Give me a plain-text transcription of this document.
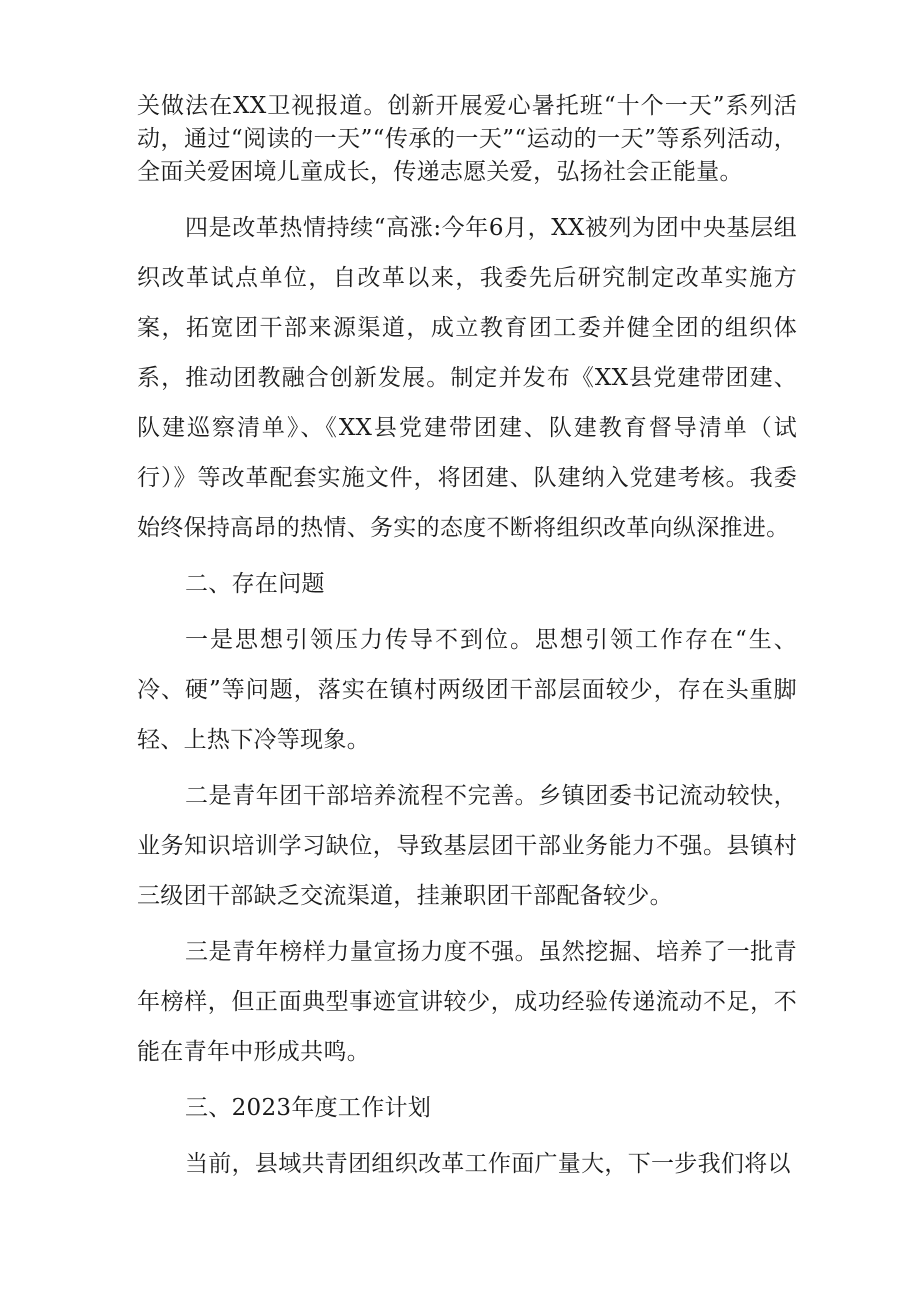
关做法在XX卫视报道。创新开展爱心暑托班“十个一天”系列活动，通过“阅读的一天”“传承的一天”“运动的一天”等系列活动，全面关爱困境儿童成长，传递志愿关爱，弘扬社会正能量。

四是改革热情持续“高涨:今年6月，XX被列为团中央基层组织改革试点单位，自改革以来，我委先后研究制定改革实施方案，拓宽团干部来源渠道，成立教育团工委并健全团的组织体系，推动团教融合创新发展。制定并发布《XX县党建带团建、队建巡察清单》、《XX县党建带团建、队建教育督导清单（试行）》等改革配套实施文件，将团建、队建纳入党建考核。我委始终保持高昂的热情、务实的态度不断将组织改革向纵深推进。

二、存在问题

一是思想引领压力传导不到位。思想引领工作存在“生、冷、硬”等问题，落实在镇村两级团干部层面较少，存在头重脚轻、上热下冷等现象。

二是青年团干部培养流程不完善。乡镇团委书记流动较快，业务知识培训学习缺位，导致基层团干部业务能力不强。县镇村三级团干部缺乏交流渠道，挂兼职团干部配备较少。

三是青年榜样力量宣扬力度不强。虽然挖掘、培养了一批青年榜样，但正面典型事迹宣讲较少，成功经验传递流动不足，不能在青年中形成共鸣。

三、2023年度工作计划

当前，县域共青团组织改革工作面广量大，下一步我们将以
